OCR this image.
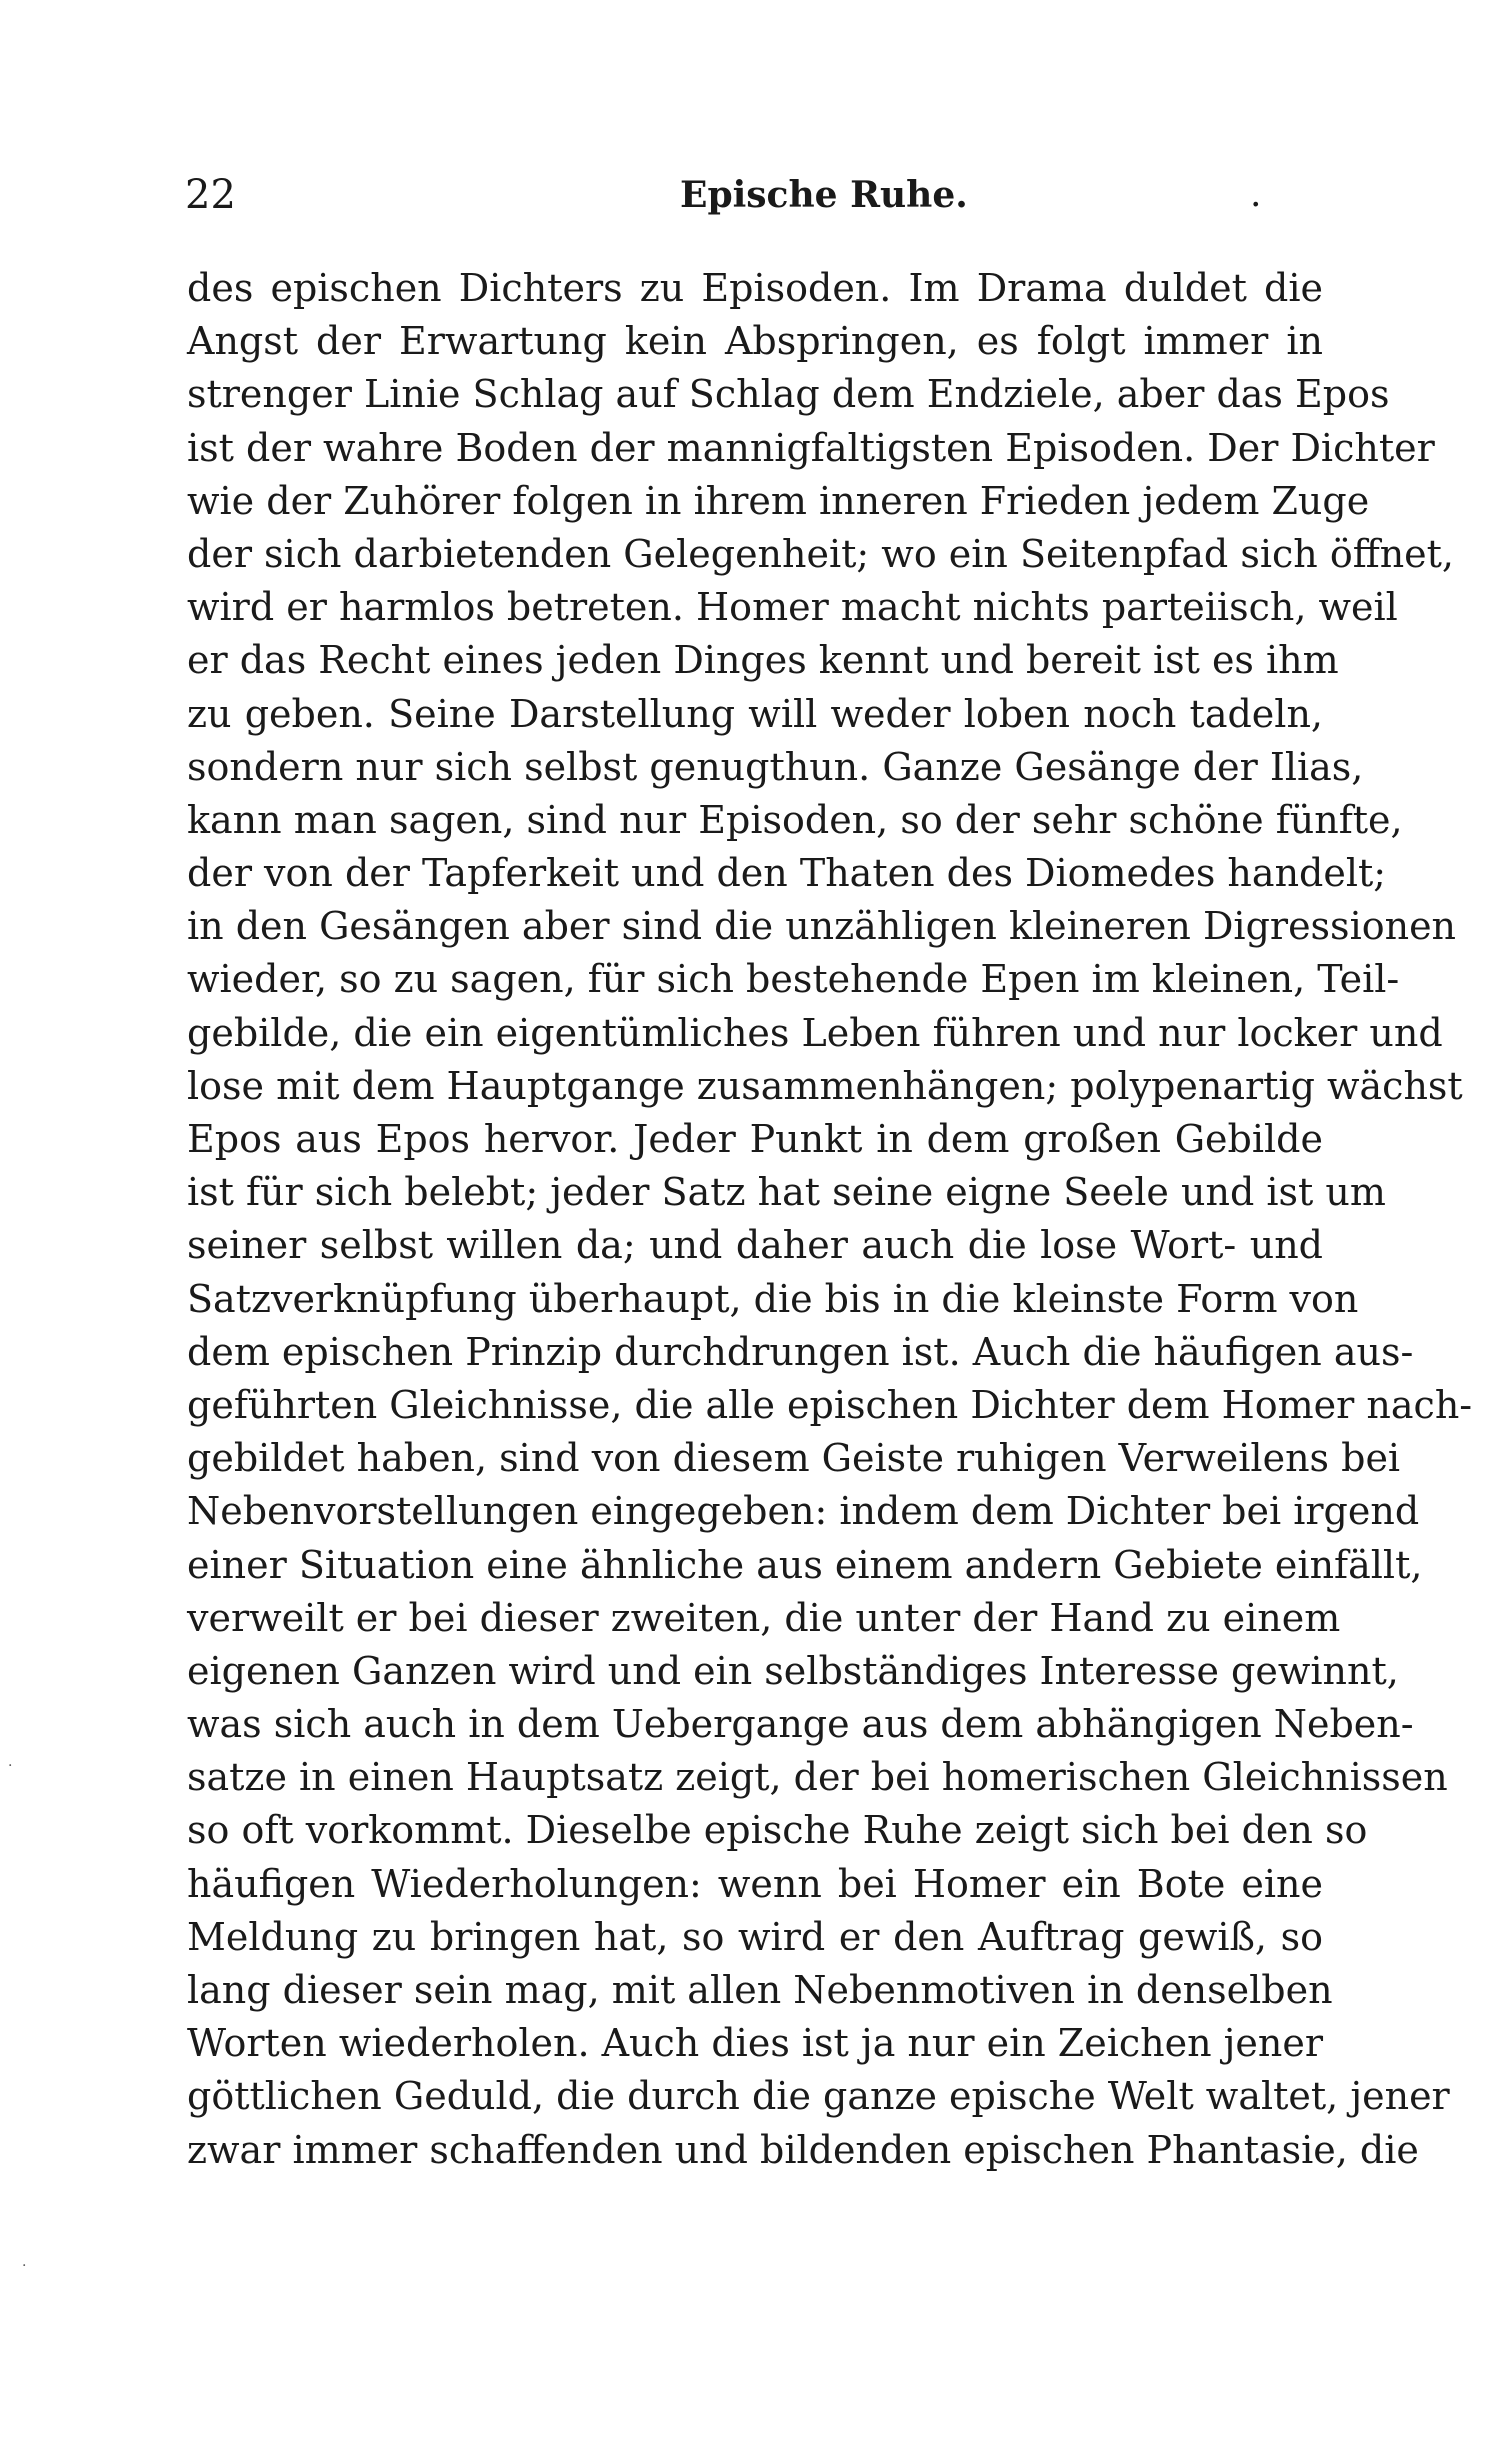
22	Epische Ruhe.	.
des epischen Dichters zu Episoden. Im Drama duldet die
Angst der Erwartung kein Abspringen, es folgt immer in
strenger Linie Schlag auf Schlag dem Endziele, aber das Epos
ist der wahre Boden der mannigfaltigsten Episoden. Der Dichter
wie der Zuhörer folgen in ihrem inneren Frieden jedem Zuge
der sich darbietenden Gelegenheit; wo ein Seitenpfad sich öffnet,
wird er harmlos betreten. Homer macht nichts parteiisch, weil
er das Recht eines jeden Dinges kennt und bereit ist es ihm
zu geben. Seine Darstellung will weder loben noch tadeln,
sondern nur sich selbst genugthun. Ganze Gesänge der Ilias,
kann man sagen, sind nur Episoden, so der sehr schöne fünfte,
der von der Tapferkeit und den Thaten des Diomedes handelt;
in den Gesängen aber sind die unzähligen kleineren Digressionen
wieder, so zu sagen, für sich bestehende Epen im kleinen, Teil-
gebilde, die ein eigentümliches Leben führen und nur locker und
lose mit dem Hauptgange zusammenhängen; polypenartig wächst
Epos aus Epos hervor. Jeder Punkt in dem großen Gebilde
ist für sich belebt; jeder Satz hat seine eigne Seele und ist um
seiner selbst willen da; und daher auch die lose Wort- und
Satzverknüpfung überhaupt, die bis in die kleinste Form von
dem epischen Prinzip durchdrungen ist. Auch die häufigen aus-
geführten Gleichnisse, die alle epischen Dichter dem Homer nach-
gebildet haben, sind von diesem Geiste ruhigen Verweilens bei
Nebenvorstellungen eingegeben: indem dem Dichter bei irgend
einer Situation eine ähnliche aus einem andern Gebiete einfällt,
verweilt er bei dieser zweiten, die unter der Hand zu einem
eigenen Ganzen wird und ein selbständiges Interesse gewinnt,
was sich auch in dem Uebergange aus dem abhängigen Neben-
satze in einen Hauptsatz zeigt, der bei homerischen Gleichnissen
so oft vorkommt. Dieselbe epische Ruhe zeigt sich bei den so
häufigen Wiederholungen: wenn bei Homer ein Bote eine
Meldung zu bringen hat, so wird er den Auftrag gewiß, so
lang dieser sein mag, mit allen Nebenmotiven in denselben
Worten wiederholen. Auch dies ist ja nur ein Zeichen jener
göttlichen Geduld, die durch die ganze epische Welt waltet, jener
zwar immer schaffenden und bildenden epischen Phantasie, die
·
·
